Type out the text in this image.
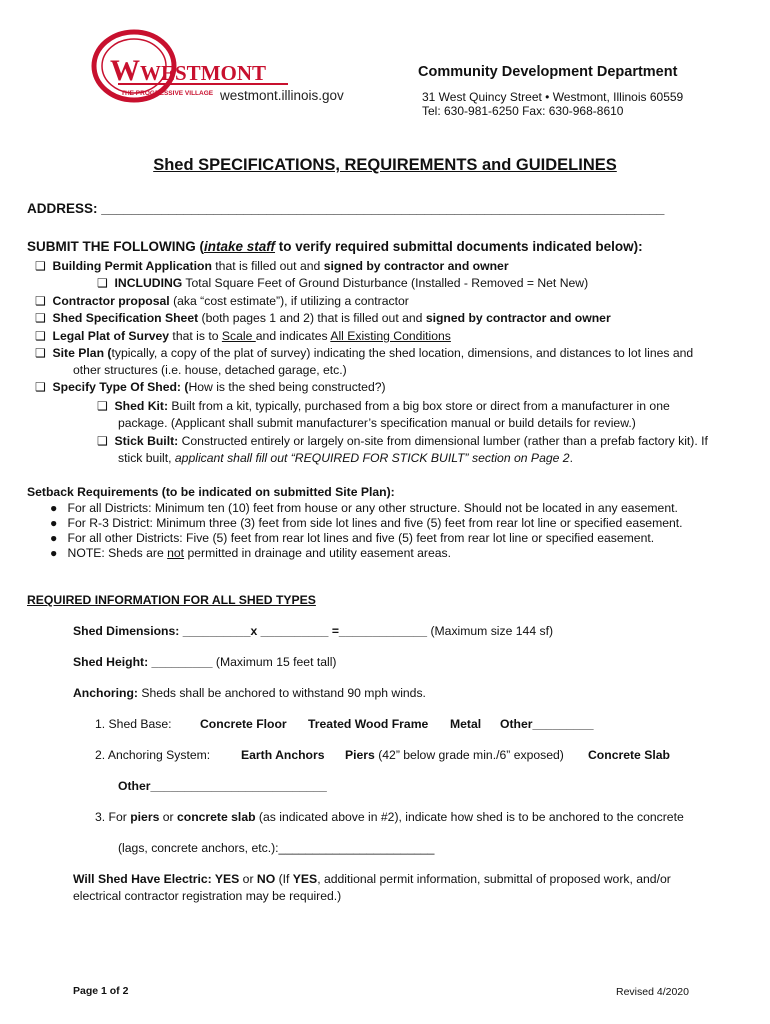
W WESTMONT
THE PROGRESSIVE VILLAGE westmont.illinois.gov
Community Development Department
31 West Quincy Street • Westmont, Illinois 60559
Tel: 630-981-6250 Fax: 630-968-8610
Shed SPECIFICATIONS, REQUIREMENTS and GUIDELINES
ADDRESS: ___________________________________________________________________________
SUBMIT THE FOLLOWING (intake staff to verify required submittal documents indicated below):
❑ Building Permit Application that is filled out and signed by contractor and owner
❑ INCLUDING Total Square Feet of Ground Disturbance (Installed - Removed = Net New)
❑ Contractor proposal (aka “cost estimate”), if utilizing a contractor
❑ Shed Specification Sheet (both pages 1 and 2) that is filled out and signed by contractor and owner
❑ Legal Plat of Survey that is to Scale and indicates All Existing Conditions
❑ Site Plan (typically, a copy of the plat of survey) indicating the shed location, dimensions, and distances to lot lines and
other structures (i.e. house, detached garage, etc.)
❑ Specify Type Of Shed: (How is the shed being constructed?)
❑ Shed Kit: Built from a kit, typically, purchased from a big box store or direct from a manufacturer in one
package. (Applicant shall submit manufacturer’s specification manual or build details for review.)
❑ Stick Built: Constructed entirely or largely on-site from dimensional lumber (rather than a prefab factory kit). If
stick built, applicant shall fill out “REQUIRED FOR STICK BUILT” section on Page 2.
Setback Requirements (to be indicated on submitted Site Plan):
● For all Districts: Minimum ten (10) feet from house or any other structure. Should not be located in any easement.
● For R-3 District: Minimum three (3) feet from side lot lines and five (5) feet from rear lot line or specified easement.
● For all other Districts: Five (5) feet from rear lot lines and five (5) feet from rear lot line or specified easement.
● NOTE: Sheds are not permitted in drainage and utility easement areas.
REQUIRED INFORMATION FOR ALL SHED TYPES
Shed Dimensions: __________x __________ =_____________ (Maximum size 144 sf)
Shed Height: _________ (Maximum 15 feet tall)
Anchoring: Sheds shall be anchored to withstand 90 mph winds.
1. Shed Base: Concrete Floor Treated Wood Frame Metal Other_________
2. Anchoring System:	Earth Anchors Piers (42” below grade min./6” exposed) Concrete Slab
Other__________________________
3. For piers or concrete slab (as indicated above in #2), indicate how shed is to be anchored to the concrete
(lags, concrete anchors, etc.):_______________________
Will Shed Have Electric: YES or NO (If YES, additional permit information, submittal of proposed work, and/or
electrical contractor registration may be required.)
Page 1 of 2	Revised 4/2020
